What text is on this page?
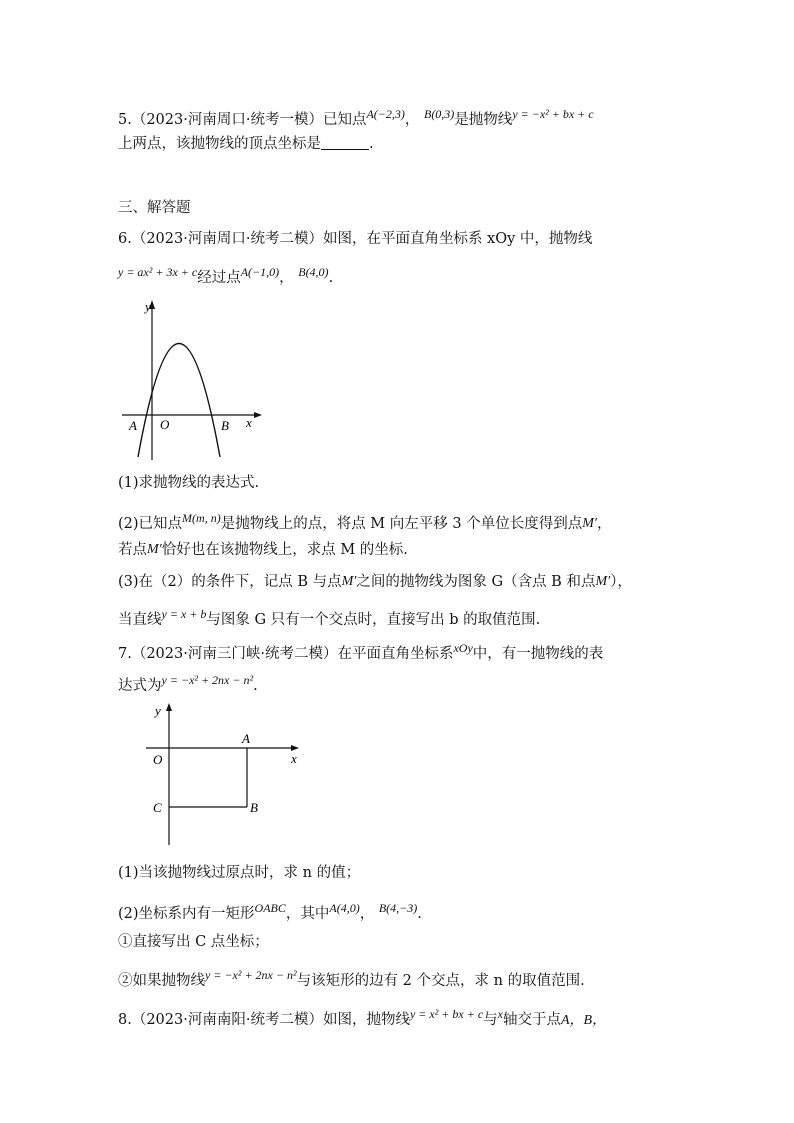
5.（2023·河南周口·统考一模）已知点$^{A(-2,3)}$， $^{B(0,3)}$是抛物线$^{y = -x^2 + bx + c}$
上两点，该抛物线的顶点坐标是	.
三、解答题
6.（2023·河南周口·统考二模）如图，在平面直角坐标系 xOy 中，抛物线
$^{y = ax^2 + 3x + c}$经过点$^{A(-1,0)}$， $^{B(4,0)}$.
y
x
A O	B
(1)求抛物线的表达式.
(2)已知点$^{M(m, n)}$是抛物线上的点，将点 M 向左平移 3 个单位长度得到点M′，
若点M′恰好也在该抛物线上，求点 M 的坐标.
(3)在（2）的条件下，记点 B 与点M′之间的抛物线为图象 G（含点 B 和点M′），
当直线$^{y = x + b}$与图象 G 只有一个交点时，直接写出 b 的取值范围.
7.（2023·河南三门峡·统考二模）在平面直角坐标系$^{xOy}$中，有一抛物线的表
达式为$^{y = -x^2 + 2nx - n^2}$.
y
x
A
O
C	B
(1)当该抛物线过原点时，求 n 的值；
(2)坐标系内有一矩形$^{OABC}$，其中$^{A(4,0)}$， $^{B(4,-3)}$.
①直接写出 C 点坐标；
②如果抛物线$^{y = -x^2 + 2nx - n^2}$与该矩形的边有 2 个交点，求 n 的取值范围.
8.（2023·河南南阳·统考二模）如图，抛物线$^{y = x^2 + bx + c}$与$^x$轴交于点A，B，
